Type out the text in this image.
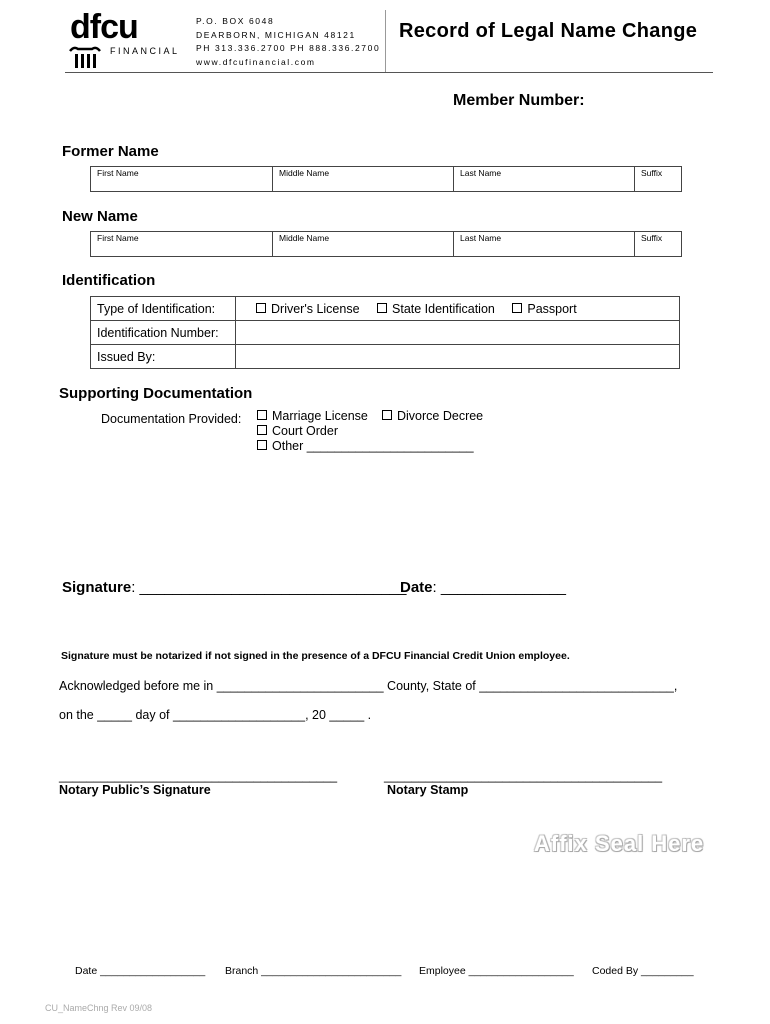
dfcu
FINANCIAL
P.O. BOX 6048
DEARBORN, MICHIGAN 48121
PH 313.336.2700 PH 888.336.2700
www.dfcufinancial.com
Record of Legal Name Change
Member Number:
Former Name
First Name	Middle Name	Last Name	Suffix
New Name
First Name	Middle Name	Last Name	Suffix
Identification
Type of Identification:	Driver's License State Identification Passport
Identification Number:	
Issued By:	
Supporting Documentation
Documentation Provided:	Marriage License	Divorce Decree
Court Order
Other ________________________
Signature: ________________________________
Date: _______________
Signature must be notarized if not signed in the presence of a DFCU Financial Credit Union employee.
Acknowledged before me in ________________________ County, State of ____________________________,
on the _____ day of ___________________, 20 _____ .
________________________________________	________________________________________
Notary Public’s Signature	Notary Stamp
Affix Seal Here
Date __________________ Branch ________________________ Employee __________________ Coded By _________
CU_NameChng Rev 09/08
